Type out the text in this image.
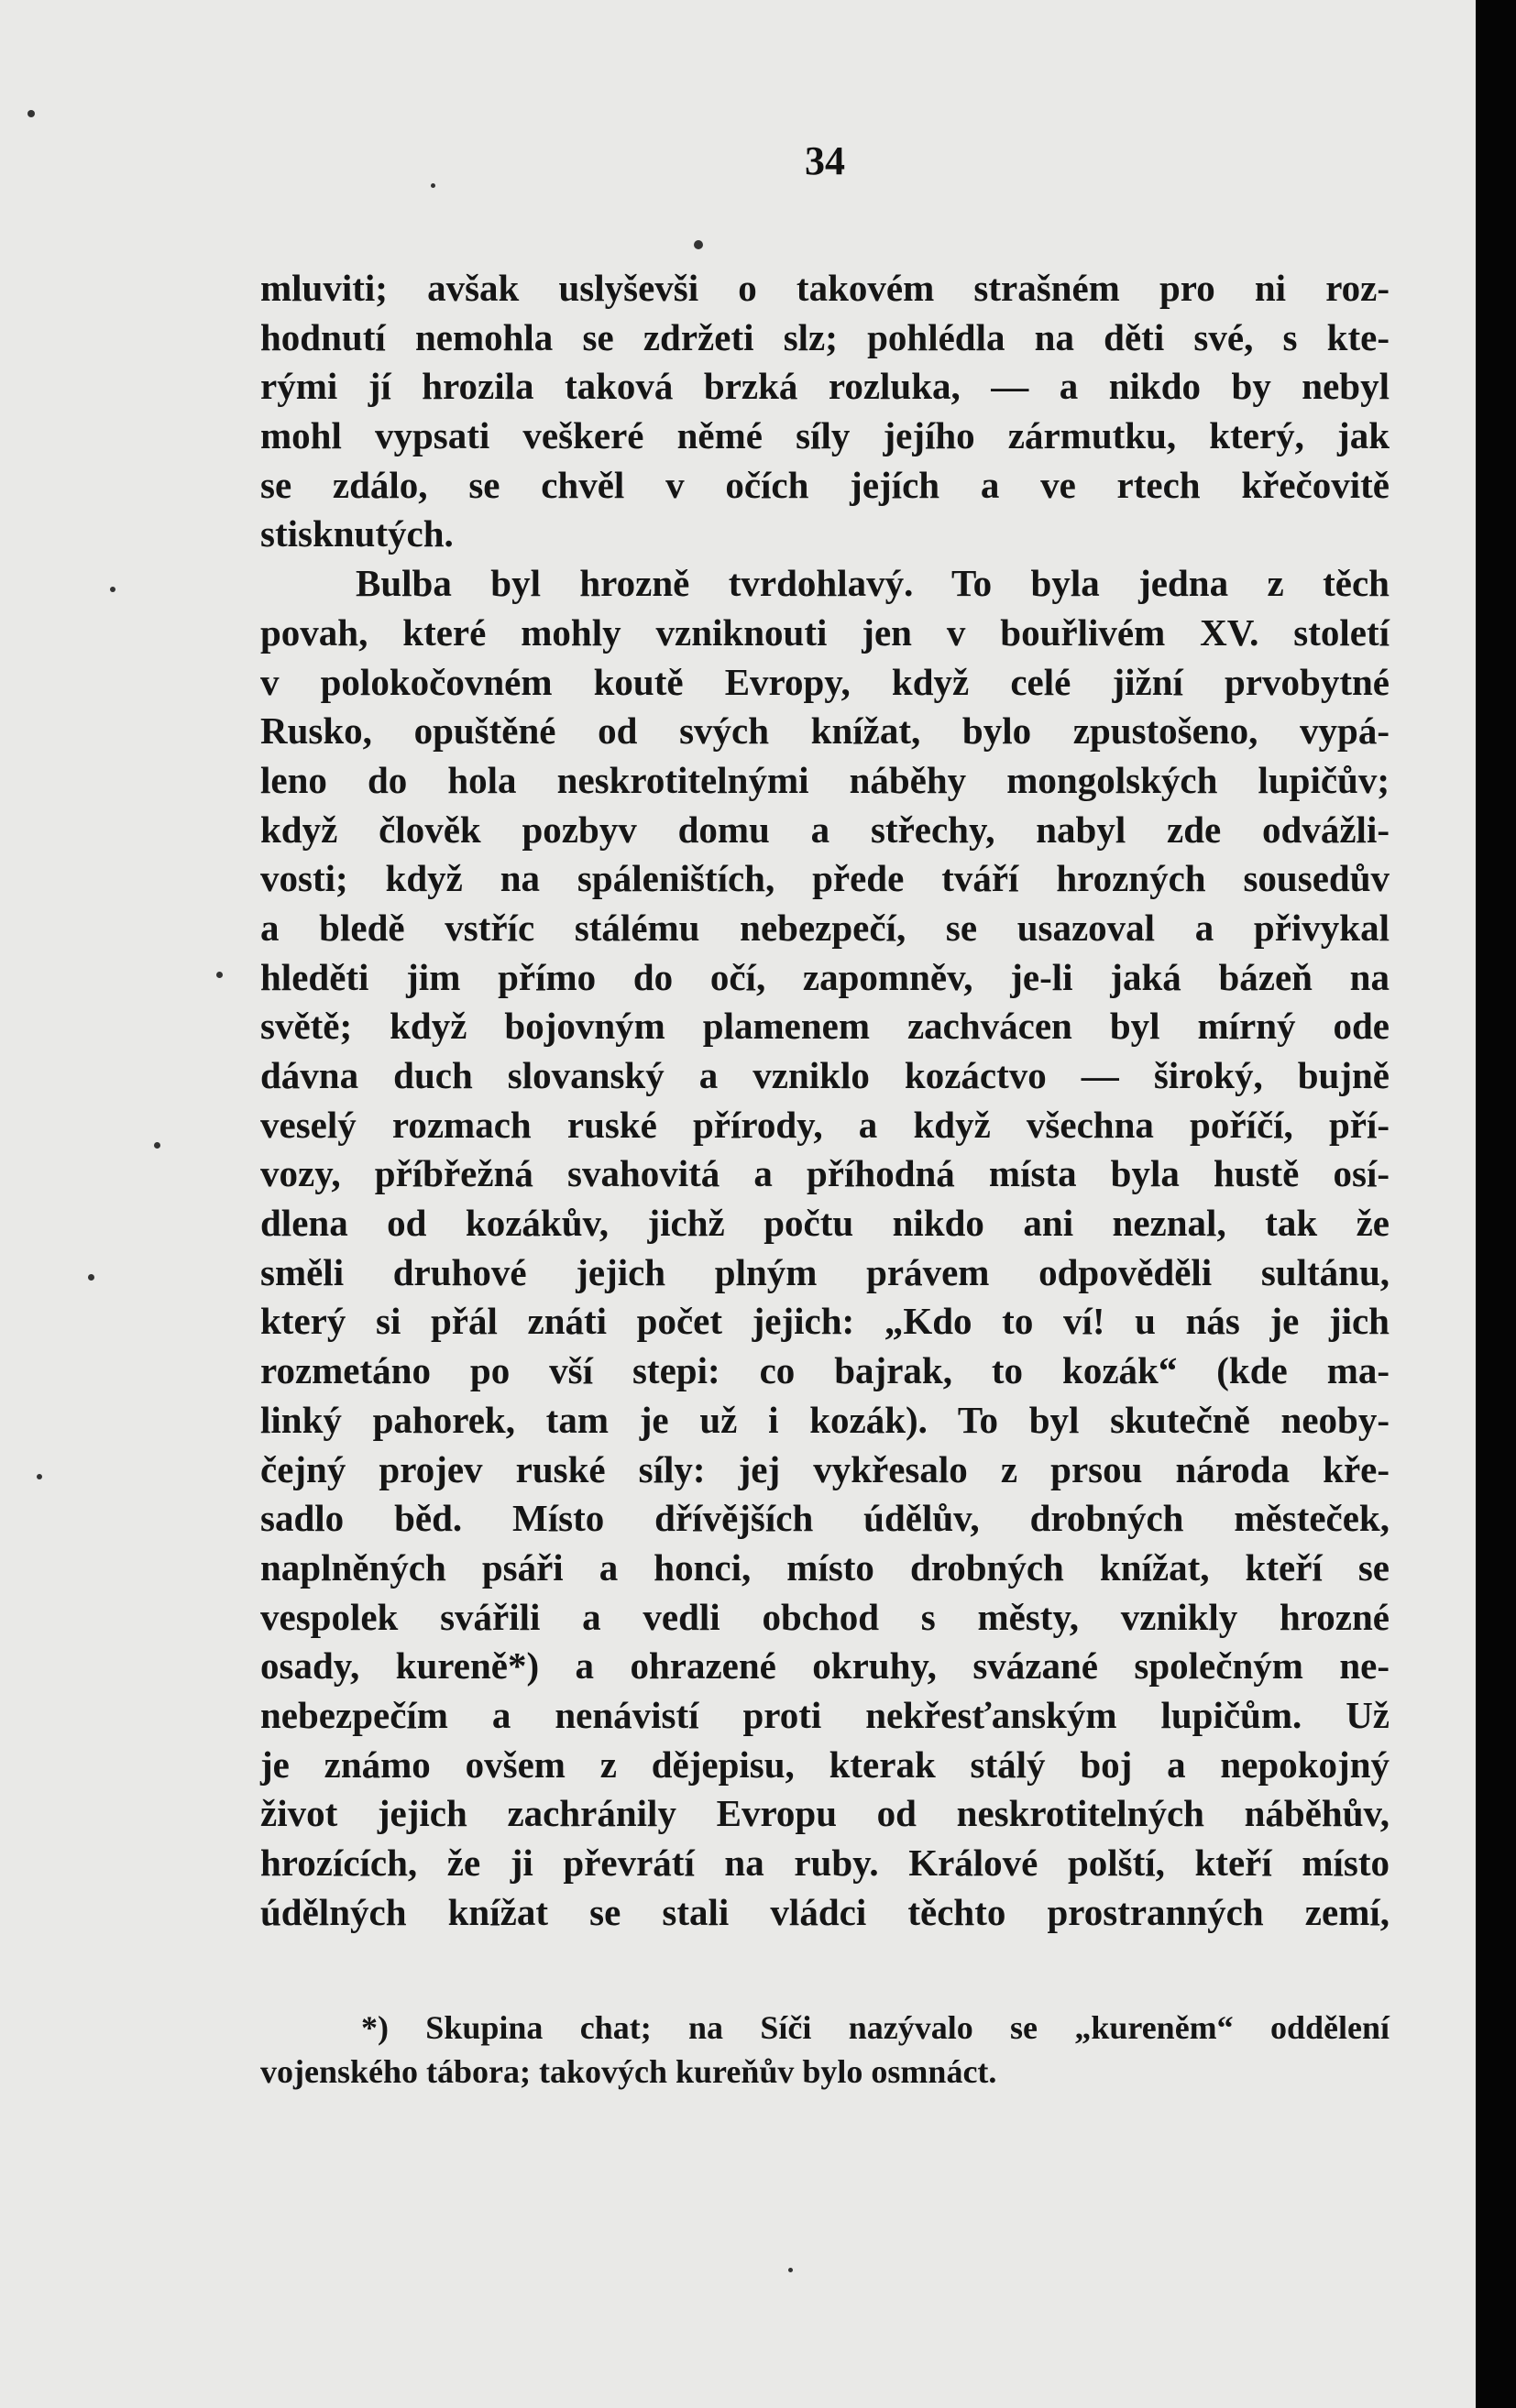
34
mluviti; avšak uslyševši o takovém strašném pro ni roz-
hodnutí nemohla se zdržeti slz; pohlédla na děti své, s kte-
rými jí hrozila taková brzká rozluka, — a nikdo by nebyl
mohl vypsati veškeré němé síly jejího zármutku, který, jak
se zdálo, se chvěl v očích jejích a ve rtech křečovitě
stisknutých.
Bulba byl hrozně tvrdohlavý. To byla jedna z těch
povah, které mohly vzniknouti jen v bouřlivém XV. století
v polokočovném koutě Evropy, když celé jižní prvobytné
Rusko, opuštěné od svých knížat, bylo zpustošeno, vypá-
leno do hola neskrotitelnými náběhy mongolských lupičův;
když člověk pozbyv domu a střechy, nabyl zde odvážli-
vosti; když na spáleništích, přede tváří hrozných sousedův
a bledě vstříc stálému nebezpečí, se usazoval a přivykal
hleděti jim přímo do očí, zapomněv, je-li jaká bázeň na
světě; když bojovným plamenem zachvácen byl mírný ode
dávna duch slovanský a vzniklo kozáctvo — široký, bujně
veselý rozmach ruské přírody, a když všechna poříčí, pří-
vozy, příbřežná svahovitá a příhodná místa byla hustě osí-
dlena od kozákův, jichž počtu nikdo ani neznal, tak že
směli druhové jejich plným právem odpověděli sultánu,
který si přál znáti počet jejich: „Kdo to ví! u nás je jich
rozmetáno po vší stepi: co bajrak, to kozák“ (kde ma-
linký pahorek, tam je už i kozák). To byl skutečně neoby-
čejný projev ruské síly: jej vykřesalo z prsou národa kře-
sadlo běd. Místo dřívějších údělův, drobných městeček,
naplněných psáři a honci, místo drobných knížat, kteří se
vespolek svářili a vedli obchod s městy, vznikly hrozné
osady, kureně*) a ohrazené okruhy, svázané společným ne-
nebezpečím a nenávistí proti nekřesťanským lupičům. Už
je známo ovšem z dějepisu, kterak stálý boj a nepokojný
život jejich zachránily Evropu od neskrotitelných náběhův,
hrozících, že ji převrátí na ruby. Králové polští, kteří místo
údělných knížat se stali vládci těchto prostranných zemí,
*) Skupina chat; na Síči nazývalo se „kureněm“ oddělení
vojenského tábora; takových kureňův bylo osmnáct.
